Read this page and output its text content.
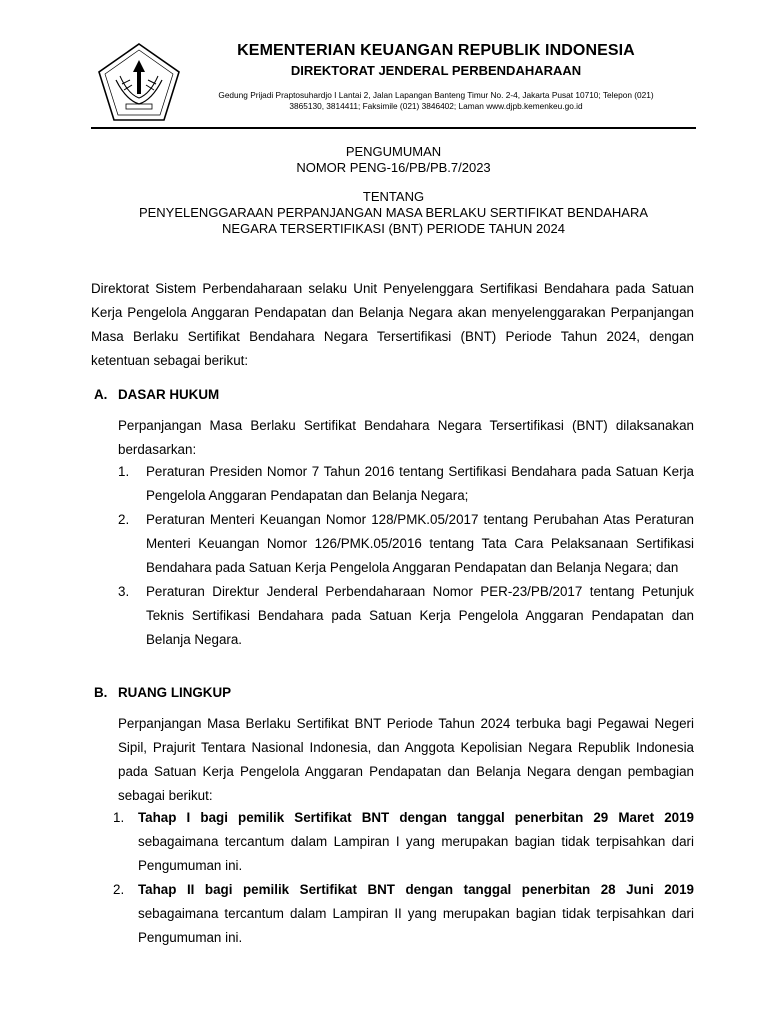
KEMENTERIAN KEUANGAN REPUBLIK INDONESIA
DIREKTORAT JENDERAL PERBENDAHARAAN
Gedung Prijadi Praptosuhardjo I Lantai 2, Jalan Lapangan Banteng Timur No. 2-4, Jakarta Pusat 10710; Telepon (021)
3865130, 3814411; Faksimile (021) 3846402; Laman www.djpb.kemenkeu.go.id
PENGUMUMAN
NOMOR PENG-16/PB/PB.7/2023
TENTANG
PENYELENGGARAAN PERPANJANGAN MASA BERLAKU SERTIFIKAT BENDAHARA
NEGARA TERSERTIFIKASI (BNT) PERIODE TAHUN 2024
Direktorat Sistem Perbendaharaan selaku Unit Penyelenggara Sertifikasi Bendahara pada Satuan Kerja Pengelola Anggaran Pendapatan dan Belanja Negara akan menyelenggarakan Perpanjangan Masa Berlaku Sertifikat Bendahara Negara Tersertifikasi (BNT) Periode Tahun 2024, dengan ketentuan sebagai berikut:
A. DASAR HUKUM
Perpanjangan Masa Berlaku Sertifikat Bendahara Negara Tersertifikasi (BNT) dilaksanakan berdasarkan:
1. Peraturan Presiden Nomor 7 Tahun 2016 tentang Sertifikasi Bendahara pada Satuan Kerja Pengelola Anggaran Pendapatan dan Belanja Negara;
2. Peraturan Menteri Keuangan Nomor 128/PMK.05/2017 tentang Perubahan Atas Peraturan Menteri Keuangan Nomor 126/PMK.05/2016 tentang Tata Cara Pelaksanaan Sertifikasi Bendahara pada Satuan Kerja Pengelola Anggaran Pendapatan dan Belanja Negara; dan
3. Peraturan Direktur Jenderal Perbendaharaan Nomor PER-23/PB/2017 tentang Petunjuk Teknis Sertifikasi Bendahara pada Satuan Kerja Pengelola Anggaran Pendapatan dan Belanja Negara.
B. RUANG LINGKUP
Perpanjangan Masa Berlaku Sertifikat BNT Periode Tahun 2024 terbuka bagi Pegawai Negeri Sipil, Prajurit Tentara Nasional Indonesia, dan Anggota Kepolisian Negara Republik Indonesia pada Satuan Kerja Pengelola Anggaran Pendapatan dan Belanja Negara dengan pembagian sebagai berikut:
1. Tahap I bagi pemilik Sertifikat BNT dengan tanggal penerbitan 29 Maret 2019 sebagaimana tercantum dalam Lampiran I yang merupakan bagian tidak terpisahkan dari Pengumuman ini.
2. Tahap II bagi pemilik Sertifikat BNT dengan tanggal penerbitan 28 Juni 2019 sebagaimana tercantum dalam Lampiran II yang merupakan bagian tidak terpisahkan dari Pengumuman ini.
